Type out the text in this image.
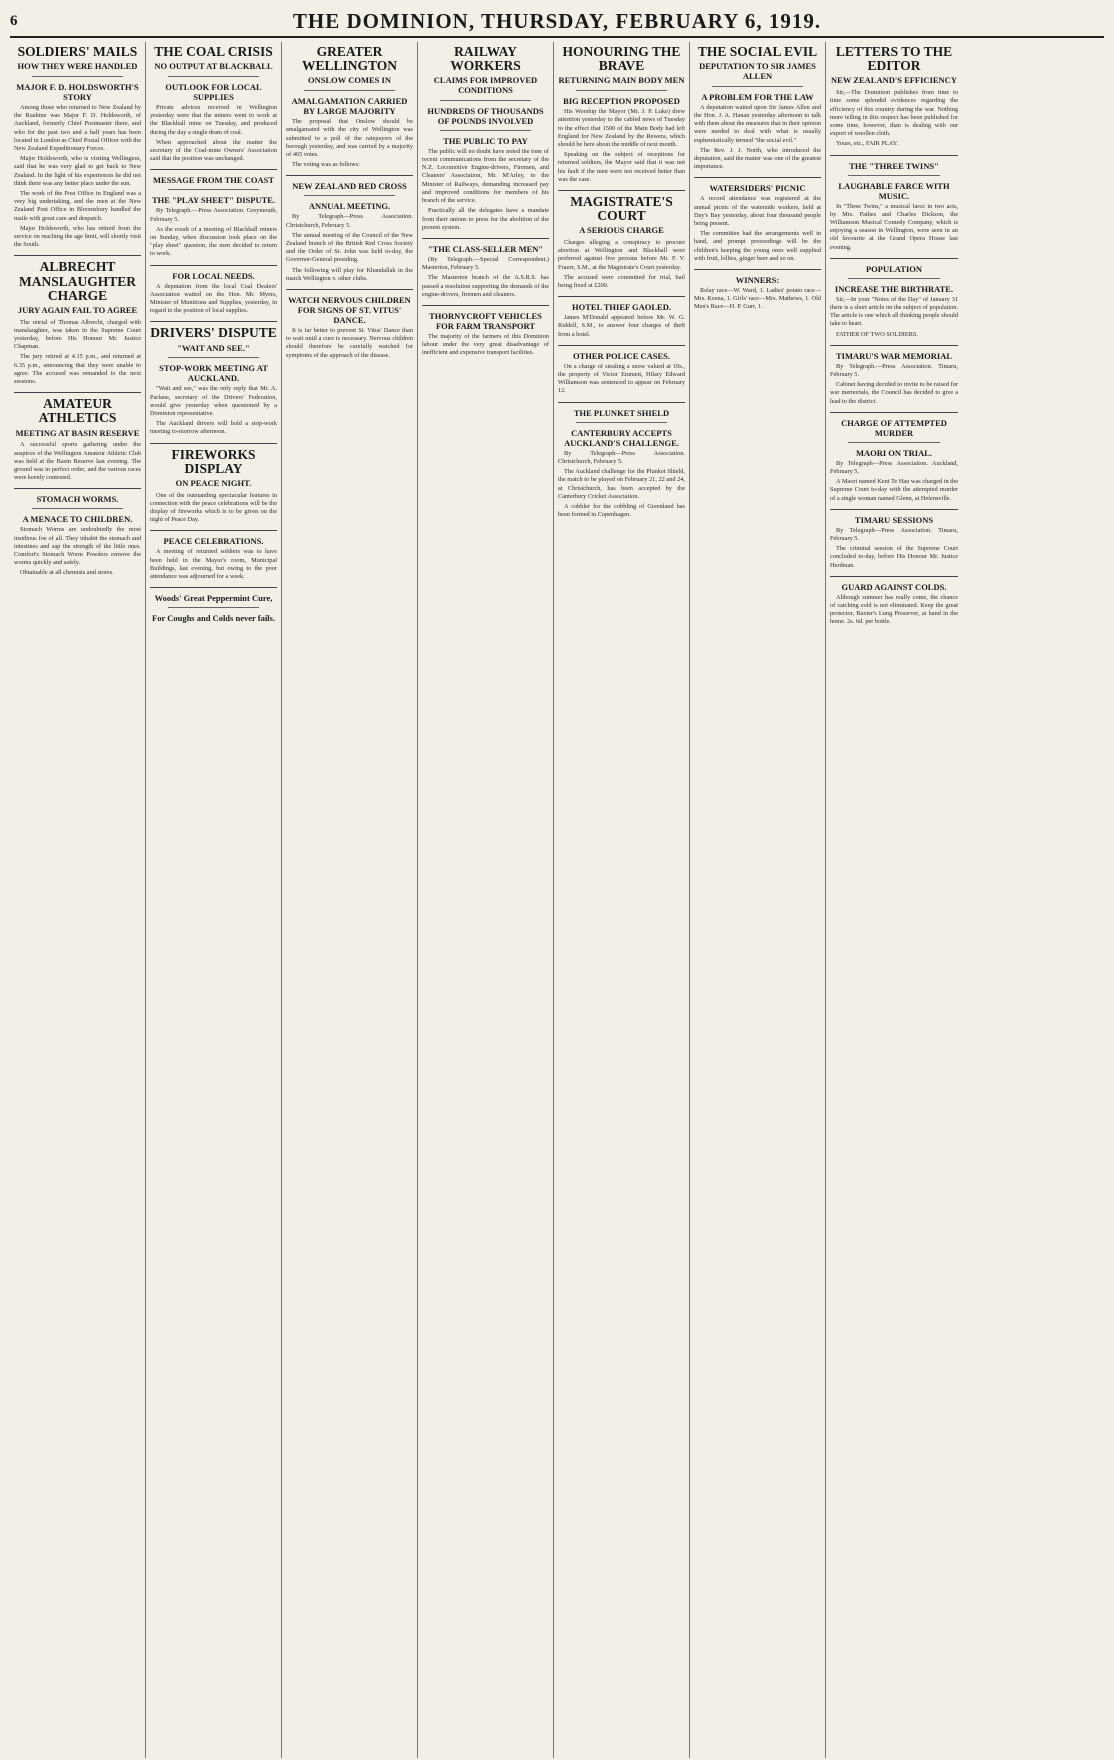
6	THE DOMINION, THURSDAY, FEBRUARY 6, 1919.
SOLDIERS' MAILS
HOW THEY WERE HANDLED
MAJOR F. D. HOLDSWORTH'S STORY

Among those who returned to New Zealand by the Ruahine was Major F. D. Holdsworth, of Auckland, formerly Chief Postmaster there, and who for the past two and a half years has been located in London as Chief Postal Officer with the New Zealand Expeditionary Forces.

Major Holdsworth, who is visiting Wellington, said that he was very glad to get back to New Zealand. In the light of his experiences he did not think there was any better place under the sun.

The work of the Post Office in England was a very big undertaking, and the men at the New Zealand Post Office in Bloomsbury handled the mails with great care and despatch.

Major Holdsworth, who has retired from the service on reaching the age limit, will shortly visit the South.

ALBRECHT MANSLAUGHTER CHARGE
JURY AGAIN FAIL TO AGREE

The retrial of Thomas Albrecht, charged with manslaughter, was taken in the Supreme Court yesterday, before His Honour Mr. Justice Chapman.

The jury retired at 4.15 p.m., and returned at 6.35 p.m., announcing that they were unable to agree. The accused was remanded to the next sessions.

AMATEUR ATHLETICS
MEETING AT BASIN RESERVE

A successful sports gathering under the auspices of the Wellington Amateur Athletic Club was held at the Basin Reserve last evening. The ground was in perfect order, and the various races were keenly contested.

STOMACH WORMS.
A MENACE TO CHILDREN.

Stomach Worms are undoubtedly the most insidious foe of all. They inhabit the stomach and intestines and sap the strength of the little ones. Comfort's Stomach Worm Powders remove the worms quickly and safely.

Obtainable at all chemists and stores.

THE COAL CRISIS
NO OUTPUT AT BLACKBALL
OUTLOOK FOR LOCAL SUPPLIES

Private advices received in Wellington yesterday were that the miners went to work at the Blackball mine on Tuesday, and produced during the day a single dram of coal.

When approached about the matter the secretary of the Coal-mine Owners' Association said that the position was unchanged.

MESSAGE FROM THE COAST
THE "PLAY SHEET" DISPUTE.

By Telegraph.—Press Association. Greymouth, February 5.

As the result of a meeting of Blackball miners on Sunday, when discussion took place on the "play sheet" question, the men decided to return to work.

FOR LOCAL NEEDS.

A deputation from the local Coal Dealers' Association waited on the Hon. Mr. Myers, Minister of Munitions and Supplies, yesterday, in regard to the position of local supplies.

DRIVERS' DISPUTE
"WAIT AND SEE."
STOP-WORK MEETING AT AUCKLAND.

"Wait and see," was the only reply that Mr. A. Parlane, secretary of the Drivers' Federation, would give yesterday when questioned by a Dominion representative.

The Auckland drivers will hold a stop-work meeting to-morrow afternoon.

FIREWORKS DISPLAY
ON PEACE NIGHT.

One of the outstanding spectacular features in connection with the peace celebrations will be the display of fireworks which is to be given on the night of Peace Day.

PEACE CELEBRATIONS.

A meeting of returned soldiers was to have been held in the Mayor's room, Municipal Buildings, last evening, but owing to the poor attendance was adjourned for a week.

Woods' Great Peppermint Cure,
For Coughs and Colds never fails.
GREATER WELLINGTON
ONSLOW COMES IN
AMALGAMATION CARRIED BY LARGE MAJORITY

The proposal that Onslow should be amalgamated with the city of Wellington was submitted to a poll of the ratepayers of the borough yesterday, and was carried by a majority of 465 votes.

The voting was as follows:

NEW ZEALAND RED CROSS
ANNUAL MEETING.

By Telegraph—Press Association. Christchurch, February 5.

The annual meeting of the Council of the New Zealand branch of the British Red Cross Society and the Order of St. John was held to-day, the Governor-General presiding.

The following will play for Khandallah in the match Wellington v. other clubs.

WATCH NERVOUS CHILDREN FOR SIGNS OF ST. VITUS' DANCE.

It is far better to prevent St. Vitus' Dance than to wait until a cure is necessary. Nervous children should therefore be carefully watched for symptoms of the approach of the disease.

RAILWAY WORKERS
CLAIMS FOR IMPROVED CONDITIONS
HUNDREDS OF THOUSANDS OF POUNDS INVOLVED
THE PUBLIC TO PAY

The public will no doubt have noted the tone of recent communications from the secretary of the N.Z. Locomotive Engine-drivers, Firemen, and Cleaners' Association, Mr. M'Arley, to the Minister of Railways, demanding increased pay and improved conditions for members of his branch of the service.

Practically all the delegates have a mandate from their unions to press for the abolition of the present system.

"THE CLASS-SELLER MEN"

(By Telegraph.—Special Correspondent.) Masterton, February 5.

The Masterton branch of the A.S.R.S. has passed a resolution supporting the demands of the engine-drivers, firemen and cleaners.

THORNYCROFT VEHICLES FOR FARM TRANSPORT

The majority of the farmers of this Dominion labour under the very great disadvantage of inefficient and expensive transport facilities.

HONOURING THE BRAVE
RETURNING MAIN BODY MEN
BIG RECEPTION PROPOSED

His Worship the Mayor (Mr. J. P. Luke) drew attention yesterday to the cabled news of Tuesday to the effect that 1500 of the Main Body had left England for New Zealand by the Rewera, which should be here about the middle of next month.

Speaking on the subject of receptions for returned soldiers, the Mayor said that it was not his fault if the men were not received better than was the case.

MAGISTRATE'S COURT
A SERIOUS CHARGE

Charges alleging a conspiracy to procure abortion at Wellington and Blackball were preferred against five persons before Mr. F. V. Frazer, S.M., at the Magistrate's Court yesterday.

The accused were committed for trial, bail being fixed at £200.

HOTEL THIEF GAOLED.

James M'Donald appeared before Mr. W. G. Riddell, S.M., to answer four charges of theft from a hotel.

OTHER POLICE CASES.

On a charge of stealing a snow valued at 10s., the property of Victor Emmett, Hilary Edward Williamson was sentenced to appear on February 12.

THE PLUNKET SHIELD
CANTERBURY ACCEPTS AUCKLAND'S CHALLENGE.

By Telegraph—Press Association. Christchurch, February 5.

The Auckland challenge for the Plunket Shield, the match to be played on February 21, 22 and 24, at Christchurch, has been accepted by the Canterbury Cricket Association.

A cobbler for the cobbling of Greenland has been formed in Copenhagen.

THE SOCIAL EVIL
DEPUTATION TO SIR JAMES ALLEN
A PROBLEM FOR THE LAW

A deputation waited upon Sir James Allen and the Hon. J. A. Hanan yesterday afternoon to talk with them about the measures that in their opinion were needed to deal with what is usually euphemistically termed "the social evil."

The Rev. J. J. North, who introduced the deputation, said the matter was one of the greatest importance.

WATERSIDERS' PICNIC

A record attendance was registered at the annual picnic of the waterside workers, held at Day's Bay yesterday, about four thousand people being present.

The committee had the arrangements well in hand, and prompt proceedings will be the children's keeping the young ones well supplied with fruit, lollies, ginger beer and so on.

WINNERS:

Relay race—W. Ward, 1. Ladies' potato race—Mrs. Keena, 1. Girls' race—Mrs. Mathews, 1. Old Men's Race—H. P. Gurr, 1.

LETTERS TO THE EDITOR
NEW ZEALAND'S EFFICIENCY

Sir,—The Dominion publishes from time to time some splendid evidences regarding the efficiency of this country during the war. Nothing more telling in this respect has been published for some time, however, than is dealing with our export of woollen cloth.

Yours, etc., FAIR PLAY.

THE "THREE TWINS"
LAUGHABLE FARCE WITH MUSIC.

In "Three Twins," a musical farce in two acts, by Mrs. Pathes and Charles Dickson, the Williamson Musical Comedy Company, which is enjoying a season in Wellington, were seen in an old favourite at the Grand Opera House last evening.

POPULATION
INCREASE THE BIRTHRATE.

Sir,—In your "Notes of the Day" of January 31 there is a short article on the subject of population. The article is one which all thinking people should take to heart.

FATHER OF TWO SOLDIERS.

TIMARU'S WAR MEMORIAL

By Telegraph.—Press Association. Timaru, February 5.

Cabinet having decided to invite to be raised for war memorials, the Council has decided to give a lead to the district.

CHARGE OF ATTEMPTED MURDER
MAORI ON TRIAL.

By Telegraph—Press Association. Auckland, February 5.

A Maori named Keni Te Hau was charged in the Supreme Court to-day with the attempted murder of a single woman named Glenn, at Helensville.

TIMARU SESSIONS

By Telegraph—Press Association. Timaru, February 5.

The criminal session of the Supreme Court concluded to-day, before His Honour Mr. Justice Herdman.

GUARD AGAINST COLDS.

Although summer has really come, the chance of catching cold is not eliminated. Keep the great protector, Baxter's Lung Preserver, at hand in the home. 2s. 6d. per bottle.
